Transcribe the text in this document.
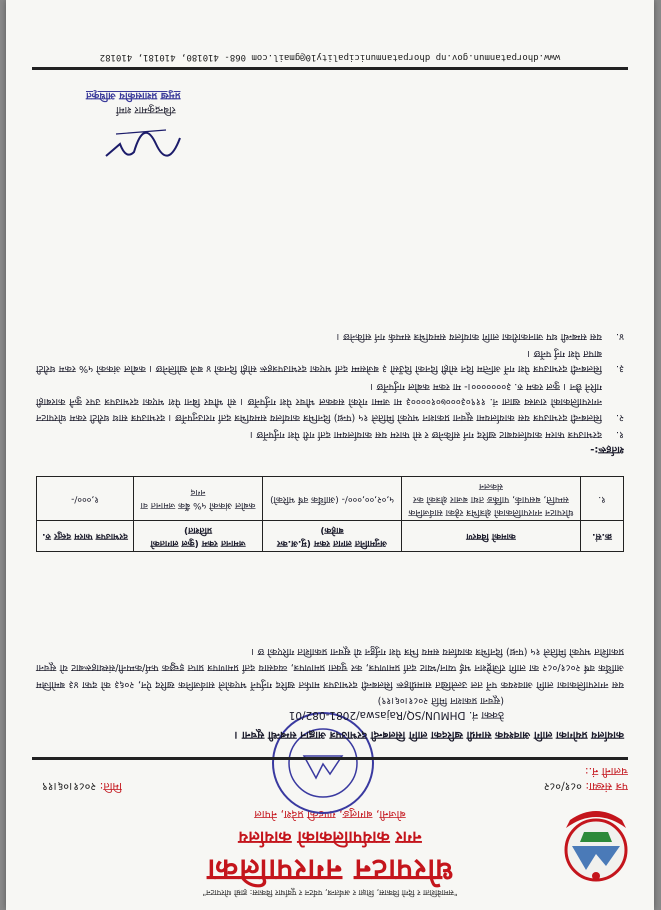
"समावेशिता र दिगो विकास, शिक्षा र अर्थतन्त्र, पर्यटन र पूर्वाधार विकास: हाम्रो धोरपाटन"
धोरपाटन नगरपालिका
नगर कार्यपालिकाको कार्यालय
बोजनी, बागलुङ, गण्डकी प्रदेश, नेपाल
पत्र संख्या: ०८१/०८२
चलानी नं.:
मिति: २०८१।०६।१९
कार्यालय प्रयोगका लागि आवश्यक सामग्री खरिदका लागि सिलबन्दी दरभाउपत्र आह्वान सम्बन्धी सूचना ।
ठेक्का नं. DHMUN/SQ/Rajaswa/2081-082/01
(सूचना प्रकाशन मिति २०८१।०६।१९)
यस नगरपालिकाका लागि आवश्यक पर्ने तल उल्लेखित सामग्रीहरू सिलबन्दी दरभाउपत्र मार्फत खरिद गर्नुपर्ने भएकोले सार्वजनिक खरिद ऐन, २०६३ को दफा ४३ बमोजिम आर्थिक वर्ष २०८१/०८२ का लागि रजिष्ट्रेशन भई प्यान/भ्याट दर्ता प्रमाणपत्र, कर चुक्ता प्रमाणपत्र, व्यवसाय दर्ता प्रमाणपत्र प्राप्त इच्छुक फर्म/कम्पनी/संस्थाहरूबाट यो सूचना प्रकाशित भएको मितिले १५ (पन्ध्र) दिनभित्र कार्यालय समय भित्र पेश गर्नुहुन यो सूचना प्रकाशित गरिएको छ ।
क्र.सं.	कामको विवरण	अनुमानित लागत रकम (मु.अ.कर बाहेक)	जमानत रकम (कुल लागतको प्रतिशत)	दरभाउपत्र फारम दस्तुर रु.
१.	धोरपाटन नगरपालिकाको क्षेत्रभित्र रहेका सार्वजनिक सम्पत्ति, बसपार्क, पार्किङ तथा बजार क्षेत्रको कर संकलन	५,०२,००,०००/- (आर्थिक वर्ष भरिको)	कबोल अंकको ५% बैंक जमानत वा नगद	१,०००/-
शर्तहरू:-
१.
दरभाउपत्र फारम कार्यालयबाट खरिद गर्न सकिनेछ र सो फारम यस कार्यालयमा दर्ता गरी पेश गर्नुपर्नेछ ।
२.
सिलबन्दी दरभाउपत्र यस कार्यालयमा सूचना प्रकाशन भएको मितिले १५ (पन्ध्र) दिनभित्र कार्यालय समयभित्र दर्ता गराउनुपर्नेछ । दरभाउपत्र साथ धरौटी रकम धोरपाटन नगरपालिकाको राजस्व खाता नं. ११९०३०००७०१००००३ मा जम्मा गरेको सक्कल भौचर पेश गर्नुपर्नेछ । सो भौचर बिना पेश भएका दरभाउपत्र उपर कुनै कारबाही गरिने छैन । कुल रकम रु. ३०००००००।- मा रकम कबोल गर्नुपर्नेछ ।
३.
सिलबन्दी दरभाउपत्र पेश गर्ने अन्तिम दिन सोही दिनको दिउँसो ३ बजेसम्म दर्ता भएका दरभाउपत्रहरू सोही दिनको ४ बजे खोलिनेछ । कबोल अंकको ५% रकम धरौटी बापत पेश गर्नु पर्नेछ ।
४.
यस सम्बन्धी थप जानकारीका लागि कार्यालय समयभित्र सम्पर्क गर्न सकिनेछ ।
रबिन्द्रकुमार शर्मा
प्रमुख प्रशासकीय अधिकृत
www.dhorpatanmun.gov.np dhorpatanmunicipality10@gmail.com 068- 410180, 410181, 410182
